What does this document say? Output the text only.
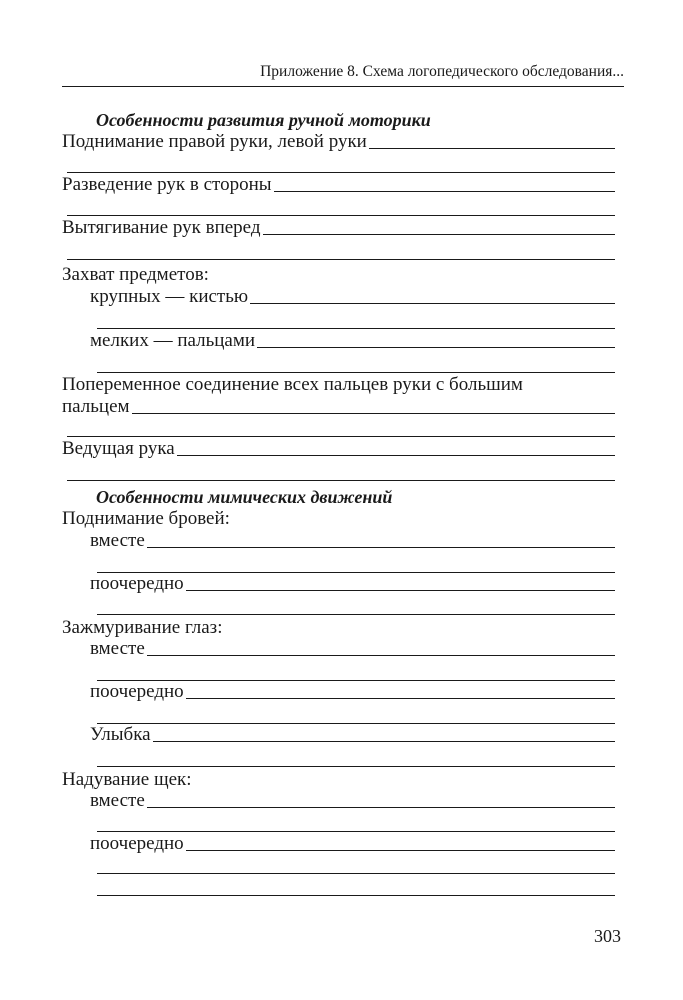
Приложение 8. Схема логопедического обследования...
Особенности развития ручной моторики
Поднимание правой руки, левой руки
Разведение рук в стороны
Вытягивание рук вперед
Захват предметов:
крупных — кистью
мелких — пальцами
Попеременное соединение всех пальцев руки с большим
пальцем
Ведущая рука
Особенности мимических движений
Поднимание бровей:
вместе
поочередно
Зажмуривание глаз:
вместе
поочередно
Улыбка
Надувание щек:
вместе
поочередно
303
